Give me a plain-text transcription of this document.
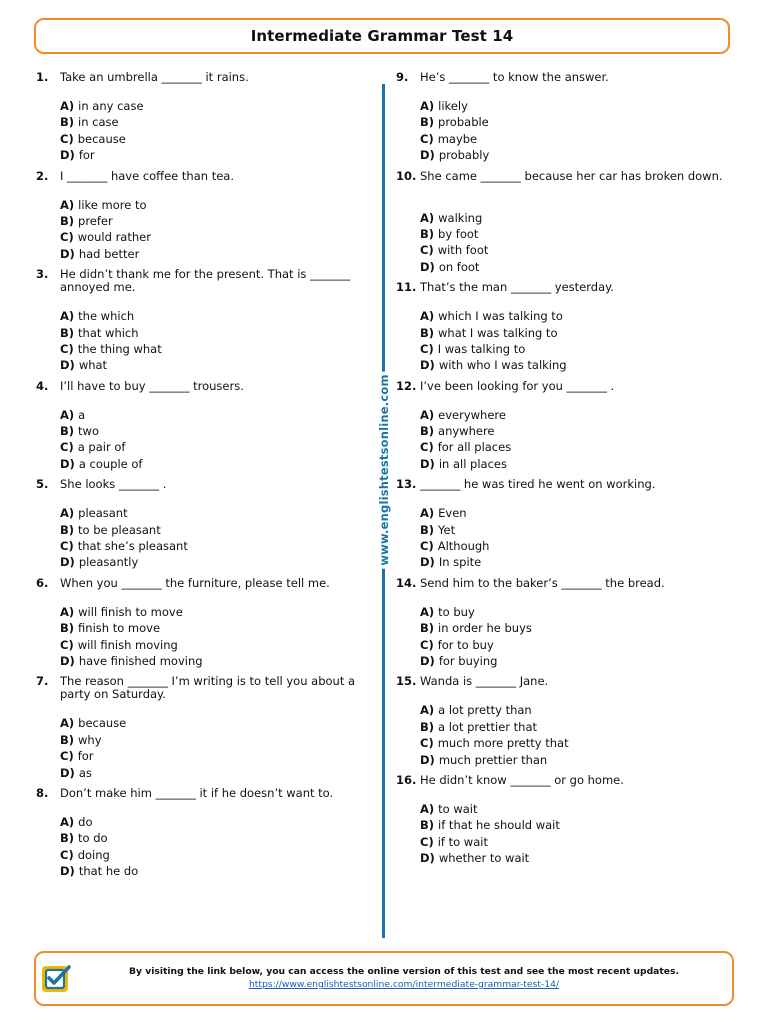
Intermediate Grammar Test 14
www.englishtestsonline.com
1.	Take an umbrella _______ it rains.
A) in any case
B) in case
C) because
D) for
2.	I _______ have coffee than tea.
A) like more to
B) prefer
C) would rather
D) had better
3.	He didn’t thank me for the present. That is _______ annoyed me.
A) the which
B) that which
C) the thing what
D) what
4.	I’ll have to buy _______ trousers.
A) a
B) two
C) a pair of
D) a couple of
5.	She looks _______ .
A) pleasant
B) to be pleasant
C) that she’s pleasant
D) pleasantly
6.	When you _______ the furniture, please tell me.
A) will finish to move
B) finish to move
C) will finish moving
D) have finished moving
7.	The reason _______ I’m writing is to tell you about a party on Saturday.
A) because
B) why
C) for
D) as
8.	Don’t make him _______ it if he doesn’t want to.
A) do
B) to do
C) doing
D) that he do
9.	He’s _______ to know the answer.
A) likely
B) probable
C) maybe
D) probably
10. She came _______ because her car has broken down.
A) walking
B) by foot
C) with foot
D) on foot
11. That’s the man _______ yesterday.
A) which I was talking to
B) what I was talking to
C) I was talking to
D) with who I was talking
12. I’ve been looking for you _______ .
A) everywhere
B) anywhere
C) for all places
D) in all places
13. _______ he was tired he went on working.
A) Even
B) Yet
C) Although
D) In spite
14. Send him to the baker’s _______ the bread.
A) to buy
B) in order he buys
C) for to buy
D) for buying
15. Wanda is _______ Jane.
A) a lot pretty than
B) a lot prettier that
C) much more pretty that
D) much prettier than
16. He didn’t know _______ or go home.
A) to wait
B) if that he should wait
C) if to wait
D) whether to wait
By visiting the link below, you can access the online version of this test and see the most recent updates.
https://www.englishtestsonline.com/intermediate-grammar-test-14/
